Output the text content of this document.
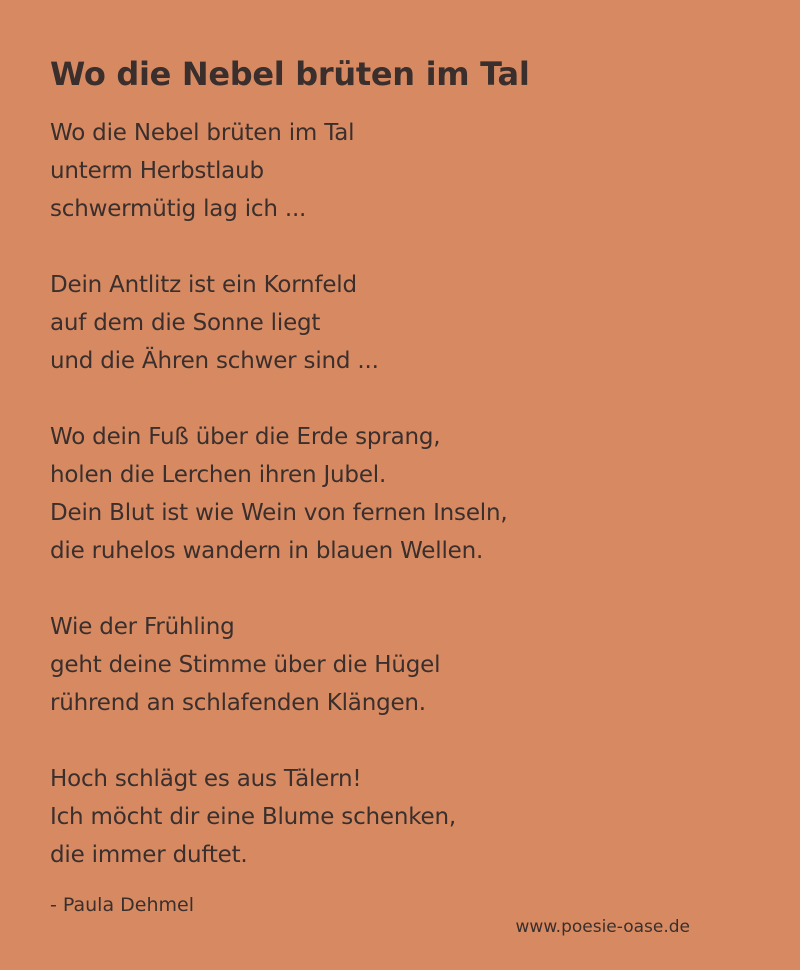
Wo die Nebel brüten im Tal
Wo die Nebel brüten im Tal
unterm Herbstlaub
schwermütig lag ich ...
Dein Antlitz ist ein Kornfeld
auf dem die Sonne liegt
und die Ähren schwer sind ...
Wo dein Fuß über die Erde sprang,
holen die Lerchen ihren Jubel.
Dein Blut ist wie Wein von fernen Inseln,
die ruhelos wandern in blauen Wellen.
Wie der Frühling
geht deine Stimme über die Hügel
rührend an schlafenden Klängen.
Hoch schlägt es aus Tälern!
Ich möcht dir eine Blume schenken,
die immer duftet.
- Paula Dehmel
www.poesie-oase.de
